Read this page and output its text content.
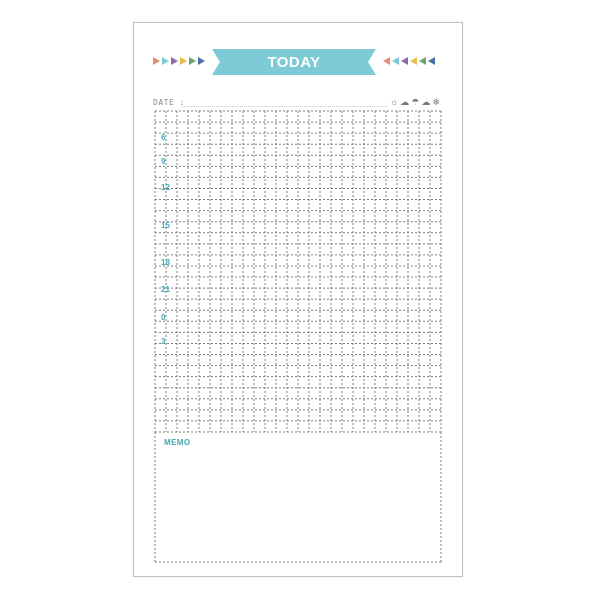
TODAY
DATE :	☼ ☁ ☂ ☁ ❄
6
9
12
15
18
21
0
3
MEMO
